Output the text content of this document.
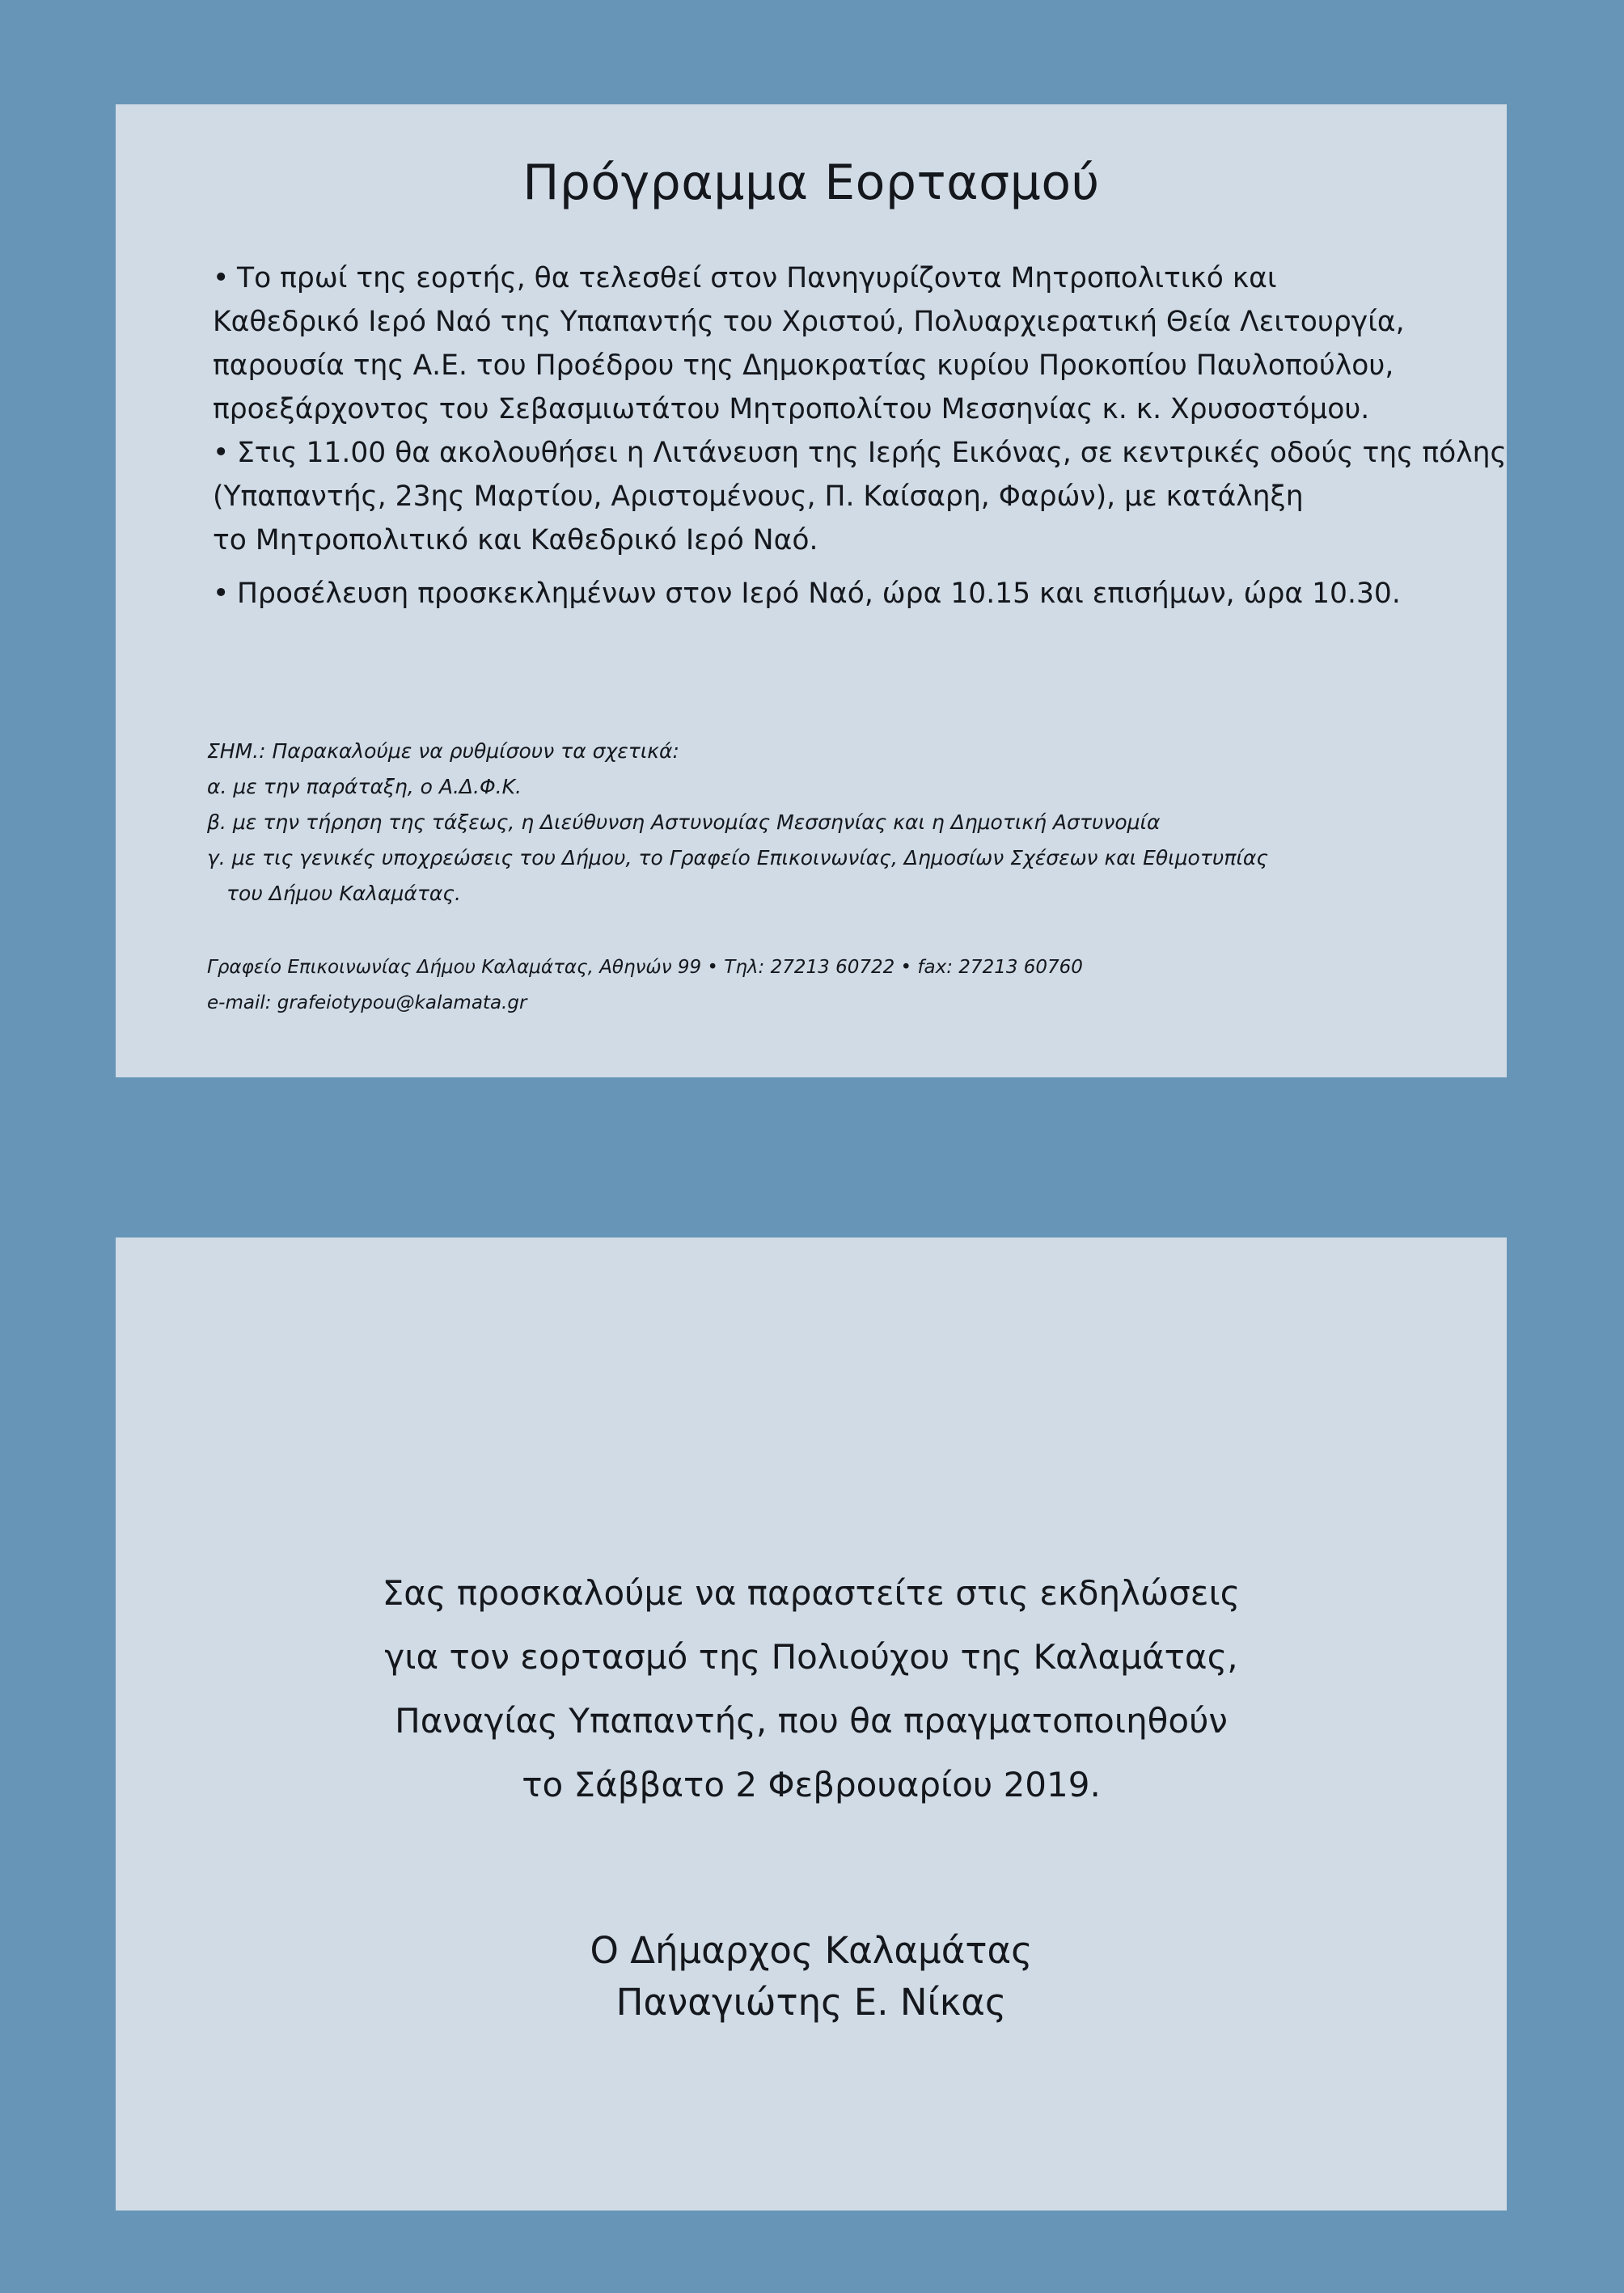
Πρόγραμμα Εορτασμού
• Το πρωί της εορτής, θα τελεσθεί στον Πανηγυρίζοντα Μητροπολιτικό και
Καθεδρικό Ιερό Ναό της Υπαπαντής του Χριστού, Πολυαρχιερατική Θεία Λειτουργία,
παρουσία της Α.Ε. του Προέδρου της Δημοκρατίας κυρίου Προκοπίου Παυλοπούλου,
προεξάρχοντος του Σεβασμιωτάτου Μητροπολίτου Μεσσηνίας κ. κ. Χρυσοστόμου.
• Στις 11.00 θα ακολουθήσει η Λιτάνευση της Ιερής Εικόνας, σε κεντρικές οδούς της πόλης
(Υπαπαντής, 23ης Μαρτίου, Αριστομένους, Π. Καίσαρη, Φαρών), με κατάληξη
το Μητροπολιτικό και Καθεδρικό Ιερό Ναό.
• Προσέλευση προσκεκλημένων στον Ιερό Ναό, ώρα 10.15 και επισήμων, ώρα 10.30.
ΣΗΜ.: Παρακαλούμε να ρυθμίσουν τα σχετικά:
α. με την παράταξη, ο Α.Δ.Φ.Κ.
β. με την τήρηση της τάξεως, η Διεύθυνση Αστυνομίας Μεσσηνίας και η Δημοτική Αστυνομία
γ. με τις γενικές υποχρεώσεις του Δήμου, το Γραφείο Επικοινωνίας, Δημοσίων Σχέσεων και Εθιμοτυπίας
του Δήμου Καλαμάτας.
Γραφείο Επικοινωνίας Δήμου Καλαμάτας, Αθηνών 99 • Τηλ: 27213 60722 • fax: 27213 60760
e-mail: grafeiotypou@kalamata.gr
Σας προσκαλούμε να παραστείτε στις εκδηλώσεις
για τον εορτασμό της Πολιούχου της Καλαμάτας,
Παναγίας Υπαπαντής, που θα πραγματοποιηθούν
το Σάββατο 2 Φεβρουαρίου 2019.
Ο Δήμαρχος Καλαμάτας
Παναγιώτης Ε. Νίκας
